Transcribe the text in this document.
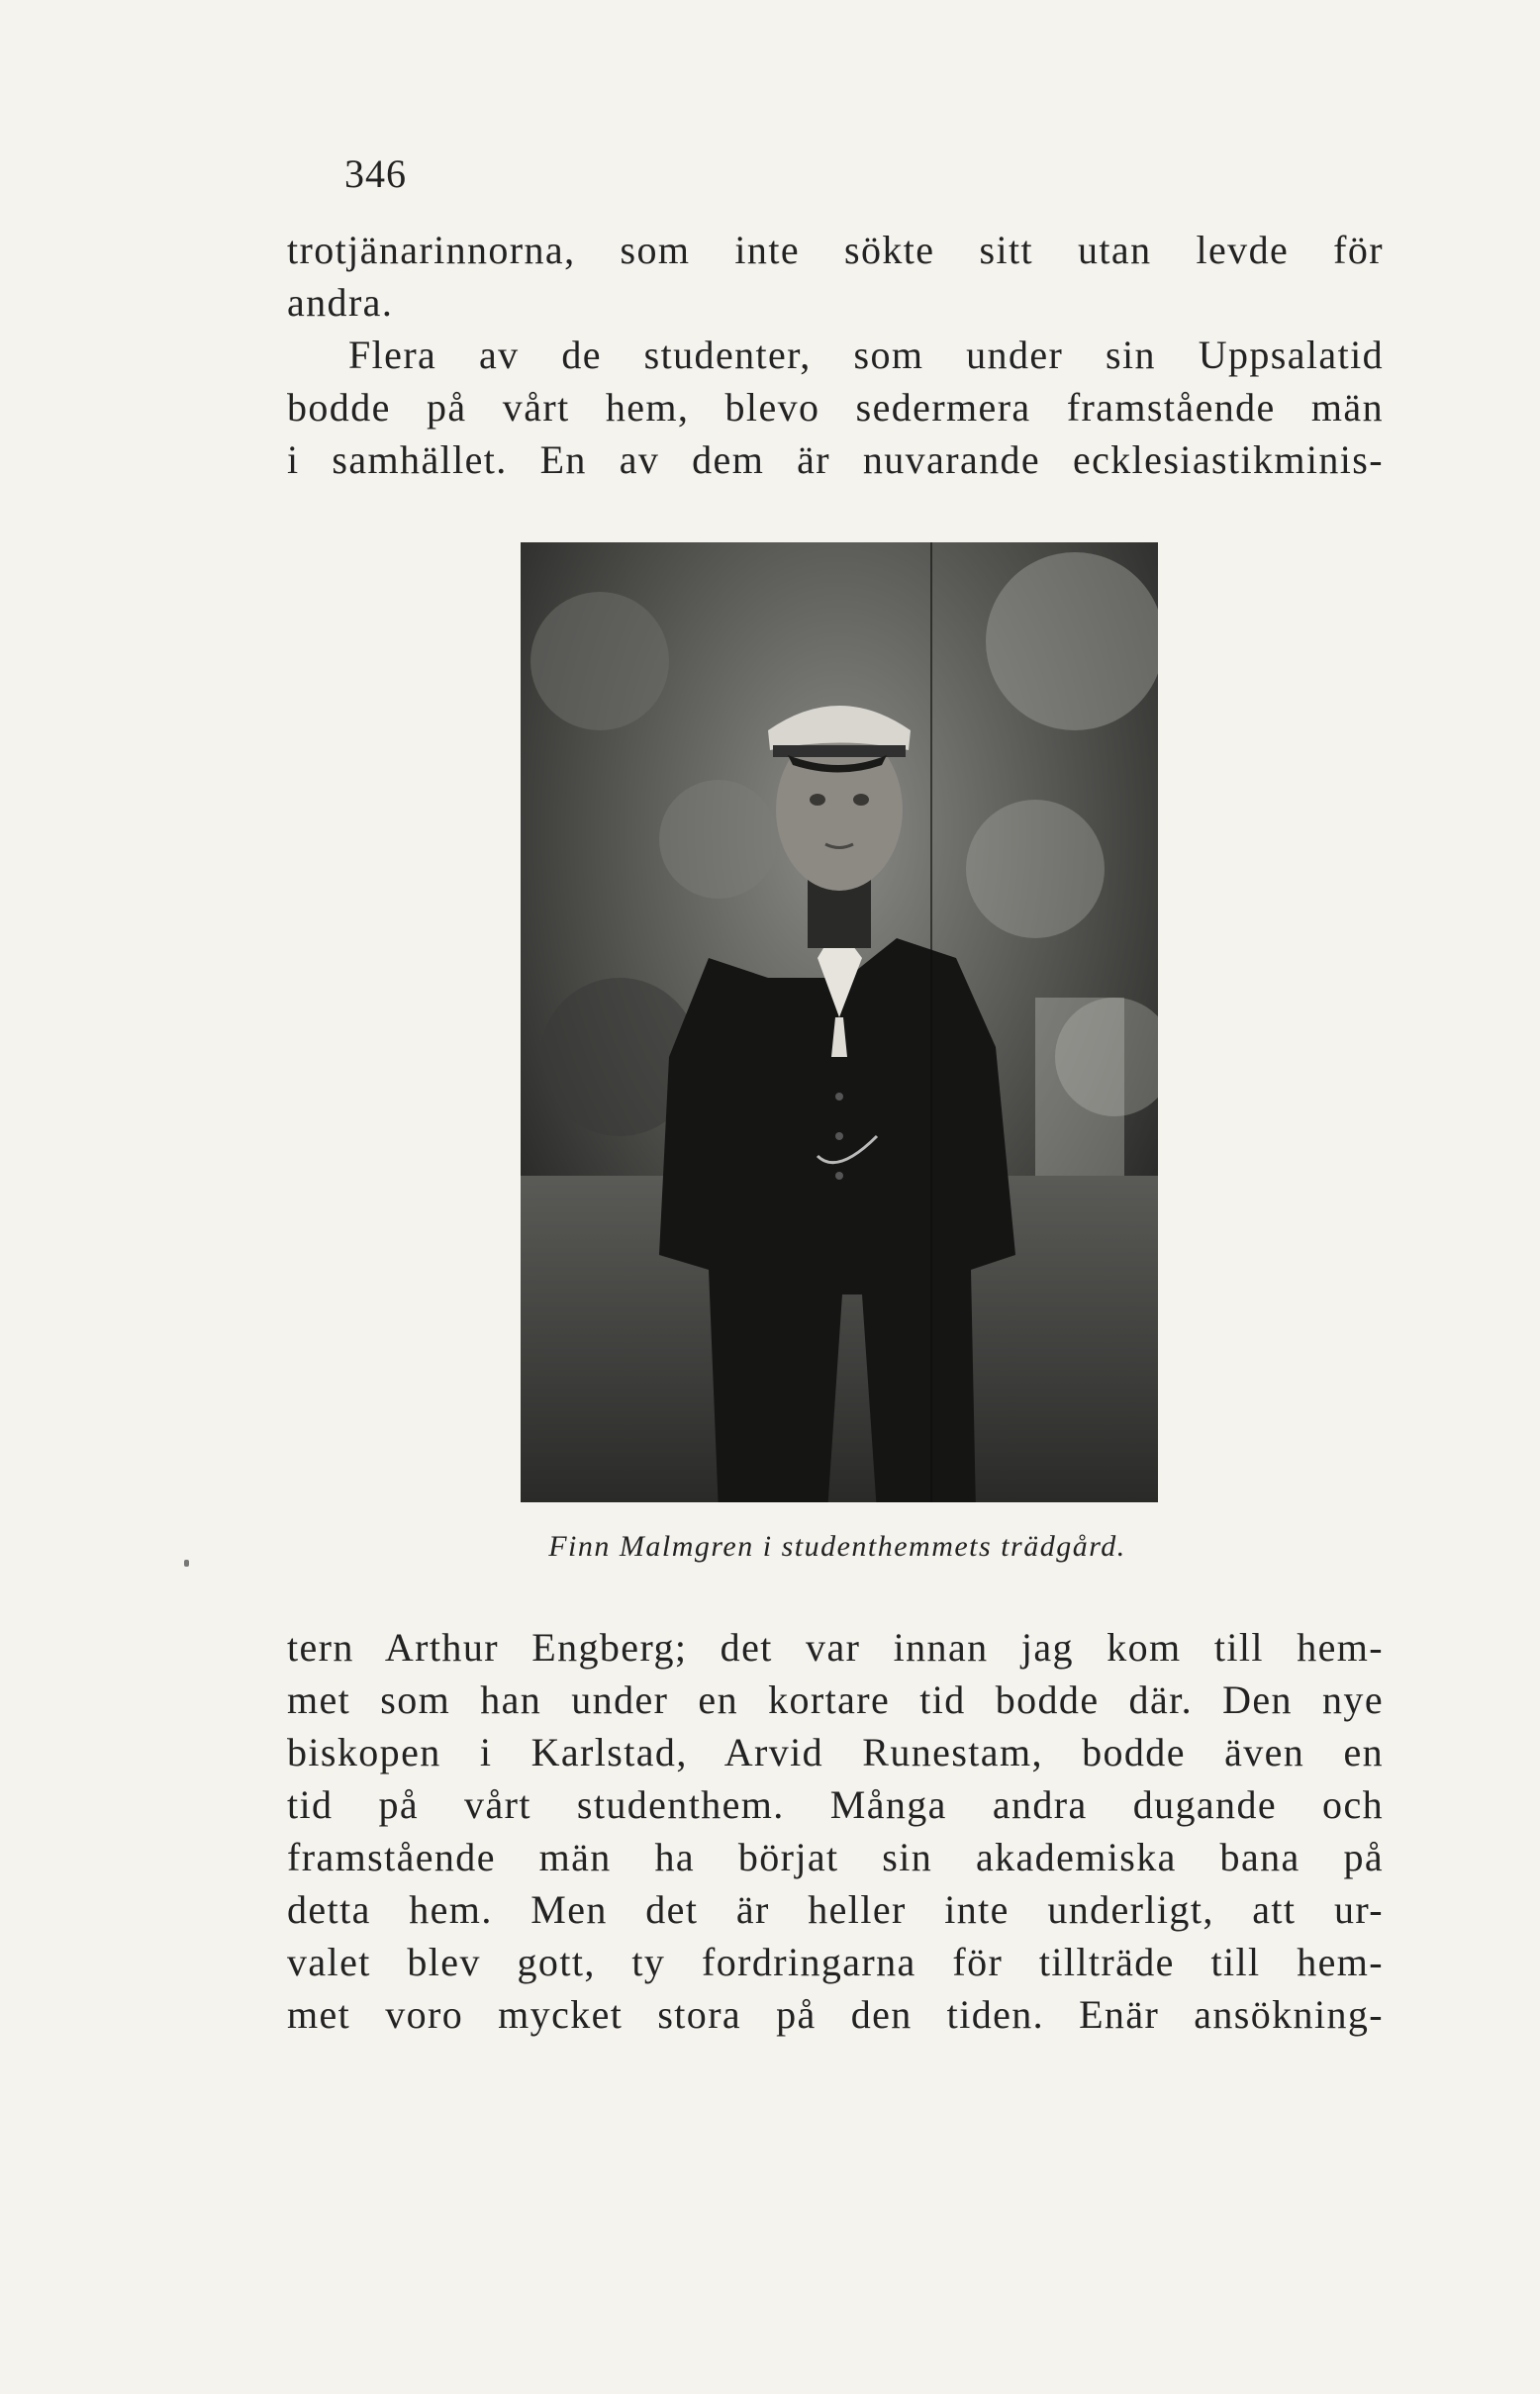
346
trotjänarinnorna, som inte sökte sitt utan levde för
andra.
Flera av de studenter, som under sin Uppsalatid
bodde på vårt hem, blevo sedermera framstående män
i samhället. En av dem är nuvarande ecklesiastikminis-
Finn Malmgren i studenthemmets trädgård.
tern Arthur Engberg; det var innan jag kom till hem-
met som han under en kortare tid bodde där. Den nye
biskopen i Karlstad, Arvid Runestam, bodde även en
tid på vårt studenthem. Många andra dugande och
framstående män ha börjat sin akademiska bana på
detta hem. Men det är heller inte underligt, att ur-
valet blev gott, ty fordringarna för tillträde till hem-
met voro mycket stora på den tiden. Enär ansökning-
